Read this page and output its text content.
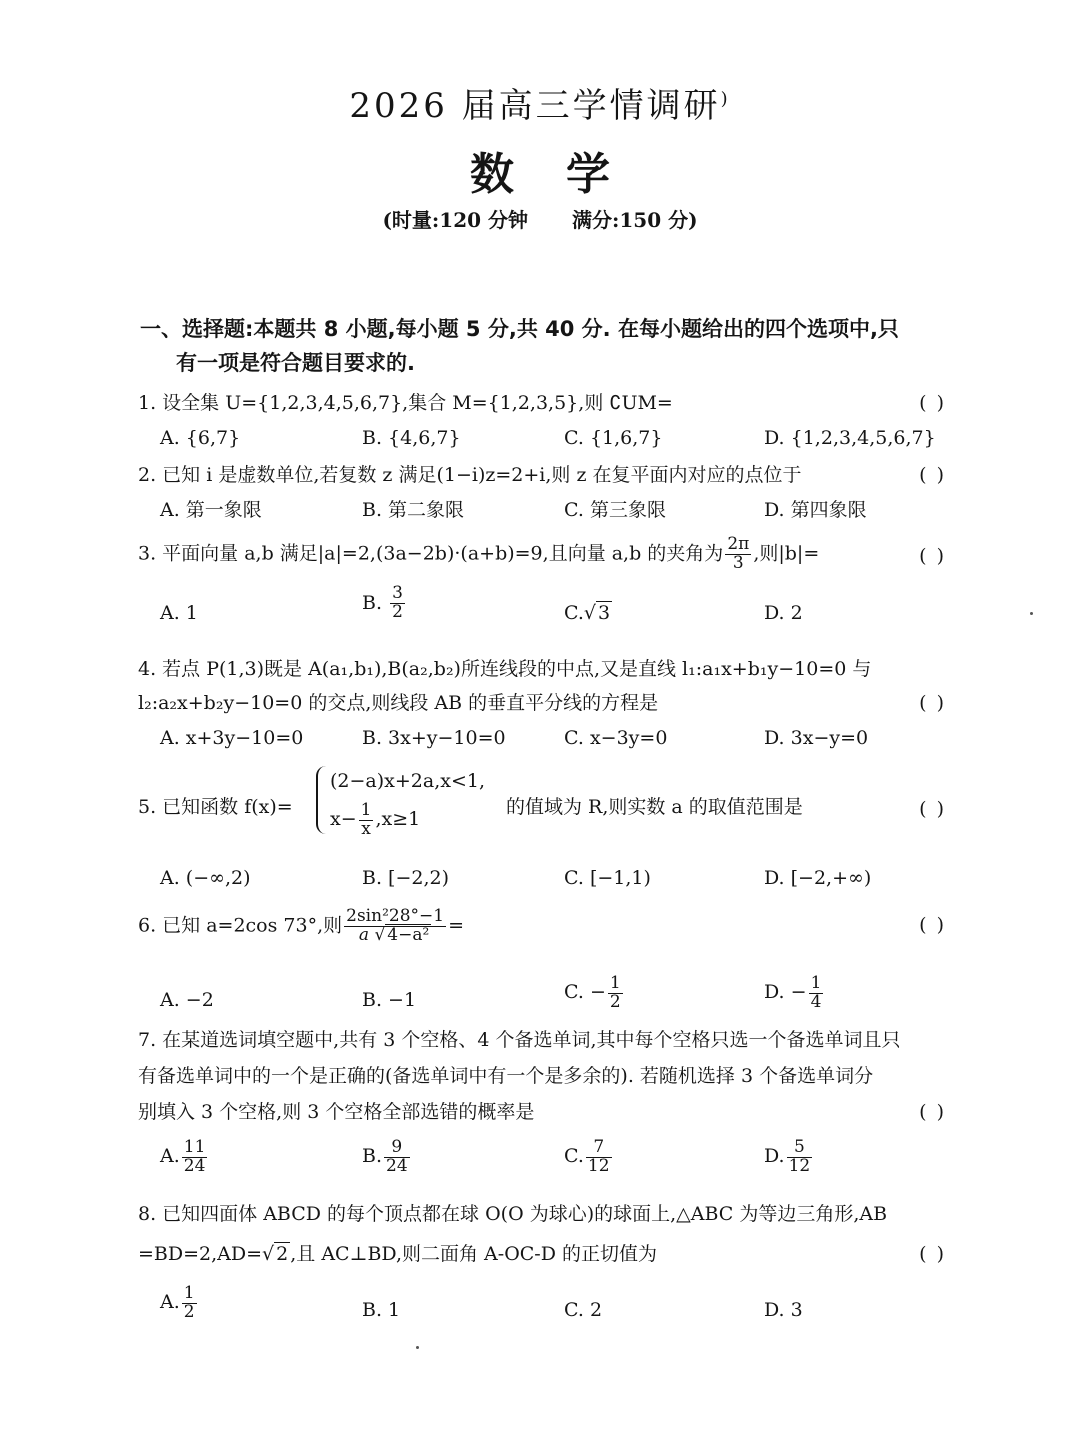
2026 届高三学情调研)
数 学
(时量:120 分钟 满分:150 分)
一、选择题:本题共 8 小题,每小题 5 分,共 40 分. 在每小题给出的四个选项中,只
有一项是符合题目要求的.
1. 设全集 U={1,2,3,4,5,6,7},集合 M={1,2,3,5},则 ∁UM=	( )
A. {6,7}	B. {4,6,7}	C. {1,6,7}	D. {1,2,3,4,5,6,7}
2. 已知 i 是虚数单位,若复数 z 满足(1−i)z=2+i,则 z 在复平面内对应的点位于	( )
A. 第一象限	B. 第二象限	C. 第三象限	D. 第四象限
3. 平面向量 a,b 满足|a|=2,(3a−2b)·(a+b)=9,且向量 a,b 的夹角为 $\frac{2\pi}{3}$ ,则|b|=	( )
A. 1	B. $\frac{3}{2}$	C.√ 3	D. 2
4. 若点 P(1,3)既是 A(a₁,b₁),B(a₂,b₂)所连线段的中点,又是直线 l₁:a₁x+b₁y−10=0 与
l₂:a₂x+b₂y−10=0 的交点,则线段 AB 的垂直平分线的方程是	( )
A. x+3y−10=0	B. 3x+y−10=0	C. x−3y=0	D. 3x−y=0
5. 已知函数 f(x)=
(2−a)x+2a,x<1,
$x- \frac{1}{x} ,x\ge 1$
的值域为 R,则实数 a 的取值范围是	( )
A. (−∞,2)	B. [−2,2)	C. [−1,1)	D. [−2,+∞)
6. 已知 a=2cos 73°,则 $\frac{\text{2sin²28°−1}}{\text{a √ 4−a²}}$ =	( )
A. −2	B. −1	C. − $\frac{1}{2}$	D. − $\frac{1}{4}$
7. 在某道选词填空题中,共有 3 个空格、4 个备选单词,其中每个空格只选一个备选单词且只
有备选单词中的一个是正确的(备选单词中有一个是多余的). 若随机选择 3 个备选单词分
别填入 3 个空格,则 3 个空格全部选错的概率是	( )
A. $\frac{11}{24}$	B. $\frac{9}{24}$	C. $\frac{7}{12}$	D. $\frac{5}{12}$
8. 已知四面体 ABCD 的每个顶点都在球 O(O 为球心)的球面上,△ABC 为等边三角形,AB
=BD=2,AD=√ 2 ,且 AC⊥BD,则二面角 A-OC-D 的正切值为	( )
A. $\frac{1}{2}$	B. 1	C. 2	D. 3
